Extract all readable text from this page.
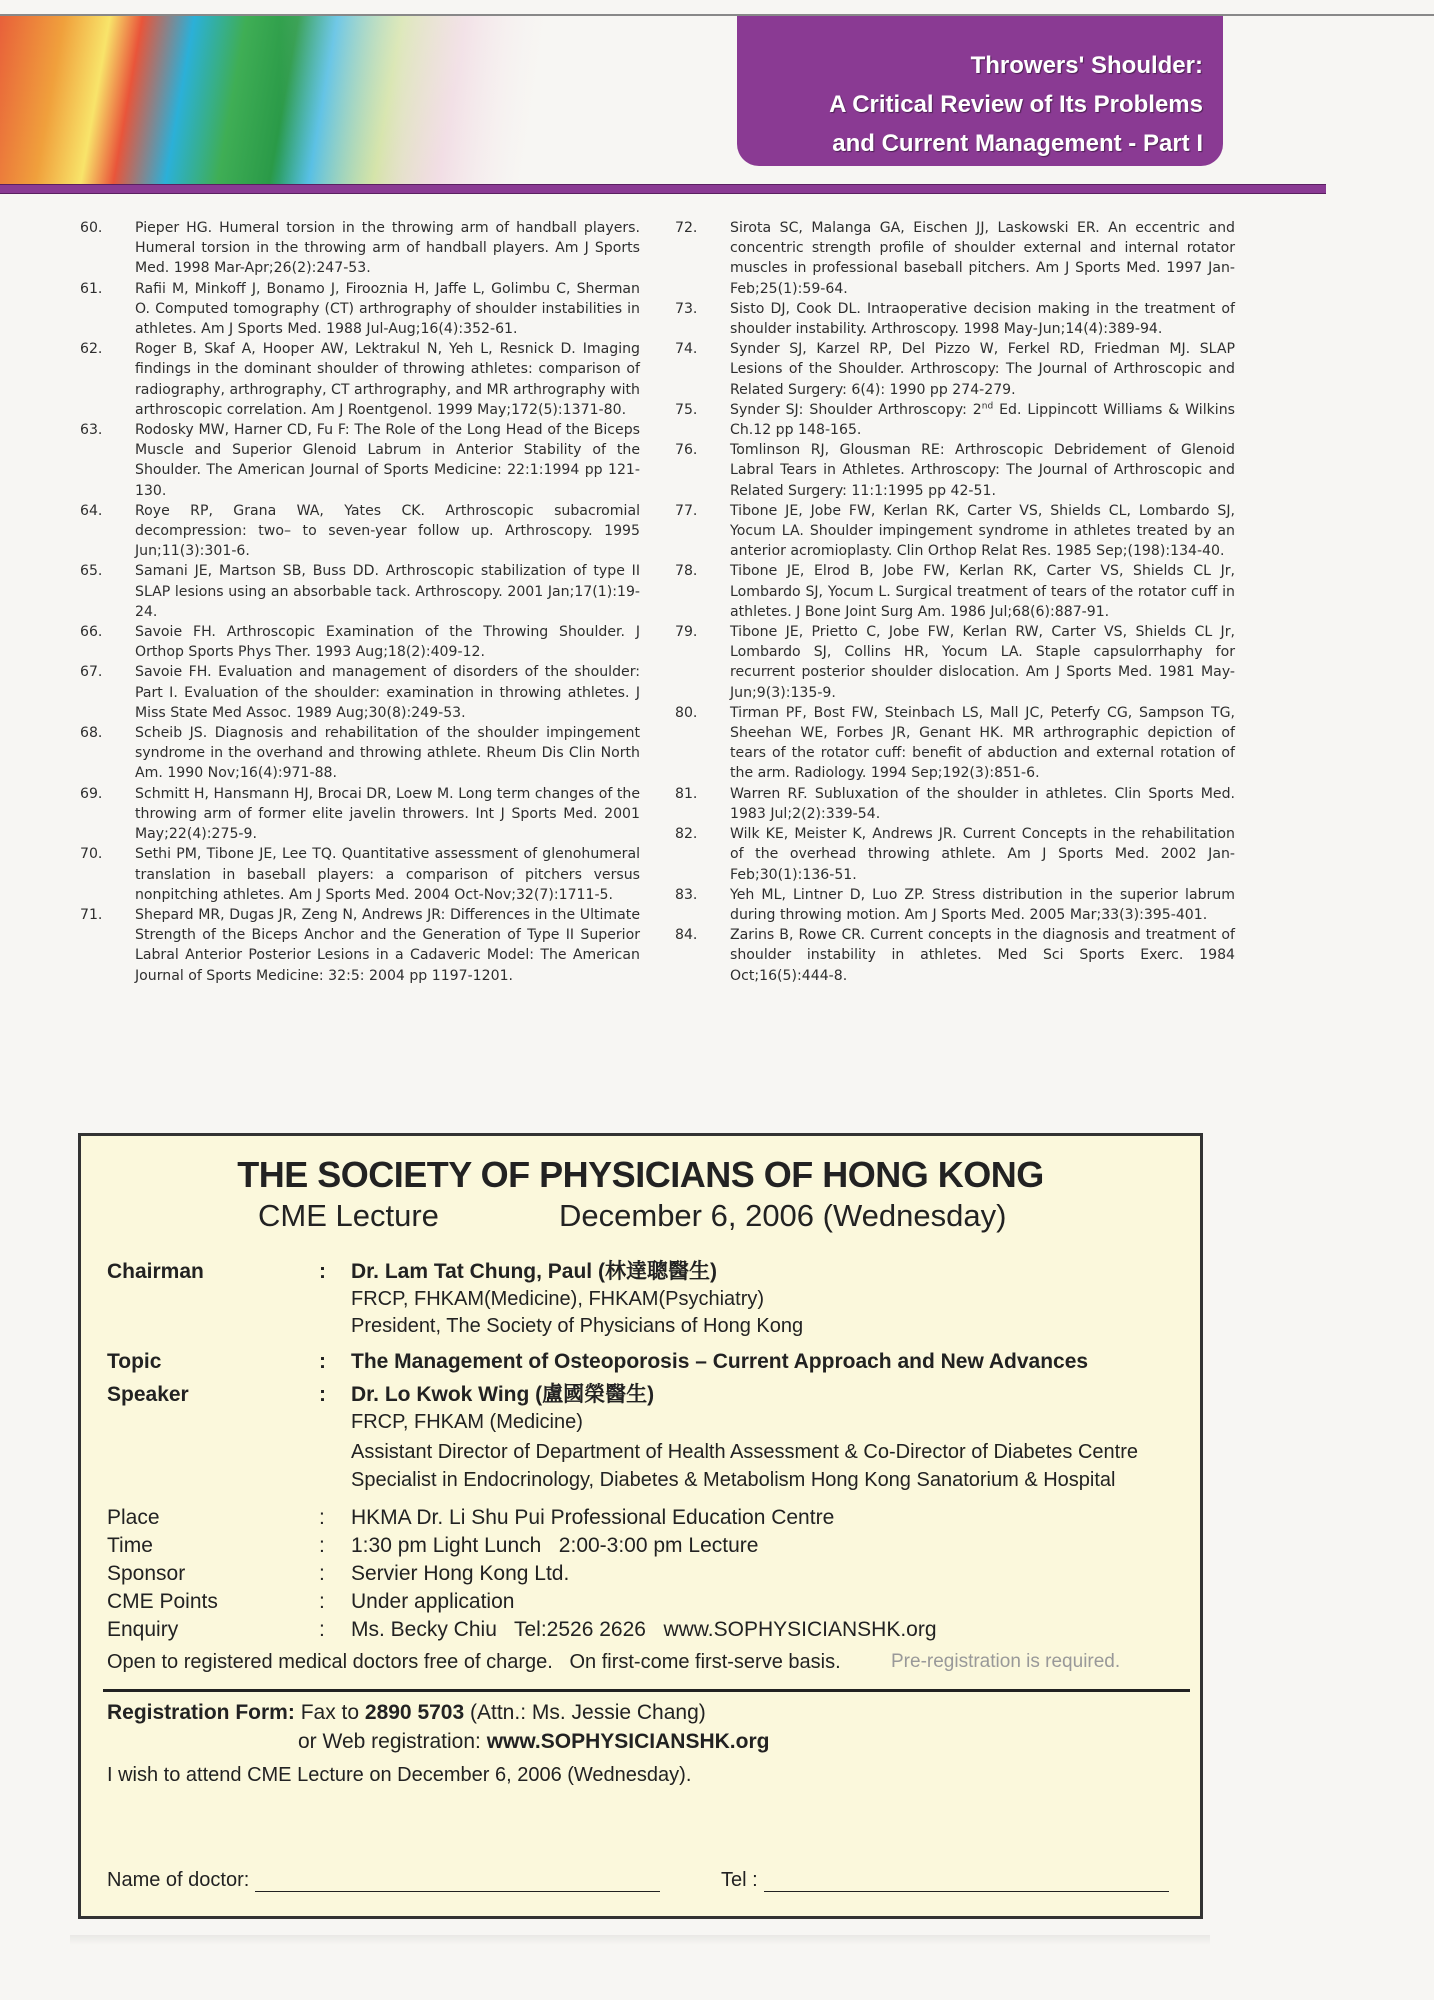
Throwers' Shoulder:
A Critical Review of Its Problems
and Current Management - Part I
60.	Pieper HG. Humeral torsion in the throwing arm of handball players. Humeral torsion in the throwing arm of handball players. Am J Sports Med. 1998 Mar-Apr;26(2):247-53.
61.	Rafii M, Minkoff J, Bonamo J, Firooznia H, Jaffe L, Golimbu C, Sherman O. Computed tomography (CT) arthrography of shoulder instabilities in athletes. Am J Sports Med. 1988 Jul-Aug;16(4):352-61.
62.	Roger B, Skaf A, Hooper AW, Lektrakul N, Yeh L, Resnick D. Imaging findings in the dominant shoulder of throwing athletes: comparison of radiography, arthrography, CT arthrography, and MR arthrography with arthroscopic correlation. Am J Roentgenol. 1999 May;172(5):1371-80.
63.	Rodosky MW, Harner CD, Fu F: The Role of the Long Head of the Biceps Muscle and Superior Glenoid Labrum in Anterior Stability of the Shoulder. The American Journal of Sports Medicine: 22:1:1994 pp 121-130.
64.	Roye RP, Grana WA, Yates CK. Arthroscopic subacromial decompression: two– to seven-year follow up. Arthroscopy. 1995 Jun;11(3):301-6.
65.	Samani JE, Martson SB, Buss DD. Arthroscopic stabilization of type II SLAP lesions using an absorbable tack. Arthroscopy. 2001 Jan;17(1):19-24.
66.	Savoie FH. Arthroscopic Examination of the Throwing Shoulder. J Orthop Sports Phys Ther. 1993 Aug;18(2):409-12.
67.	Savoie FH. Evaluation and management of disorders of the shoulder: Part I. Evaluation of the shoulder: examination in throwing athletes. J Miss State Med Assoc. 1989 Aug;30(8):249-53.
68.	Scheib JS. Diagnosis and rehabilitation of the shoulder impingement syndrome in the overhand and throwing athlete. Rheum Dis Clin North Am. 1990 Nov;16(4):971-88.
69.	Schmitt H, Hansmann HJ, Brocai DR, Loew M. Long term changes of the throwing arm of former elite javelin throwers. Int J Sports Med. 2001 May;22(4):275-9.
70.	Sethi PM, Tibone JE, Lee TQ. Quantitative assessment of glenohumeral translation in baseball players: a comparison of pitchers versus nonpitching athletes. Am J Sports Med. 2004 Oct-Nov;32(7):1711-5.
71.	Shepard MR, Dugas JR, Zeng N, Andrews JR: Differences in the Ultimate Strength of the Biceps Anchor and the Generation of Type II Superior Labral Anterior Posterior Lesions in a Cadaveric Model: The American Journal of Sports Medicine: 32:5: 2004 pp 1197-1201.
72.	Sirota SC, Malanga GA, Eischen JJ, Laskowski ER. An eccentric and concentric strength profile of shoulder external and internal rotator muscles in professional baseball pitchers. Am J Sports Med. 1997 Jan-Feb;25(1):59-64.
73.	Sisto DJ, Cook DL. Intraoperative decision making in the treatment of shoulder instability. Arthroscopy. 1998 May-Jun;14(4):389-94.
74.	Synder SJ, Karzel RP, Del Pizzo W, Ferkel RD, Friedman MJ. SLAP Lesions of the Shoulder. Arthroscopy: The Journal of Arthroscopic and Related Surgery: 6(4): 1990 pp 274-279.
75.	Synder SJ: Shoulder Arthroscopy: 2nd Ed. Lippincott Williams & Wilkins Ch.12 pp 148-165.
76.	Tomlinson RJ, Glousman RE: Arthroscopic Debridement of Glenoid Labral Tears in Athletes. Arthroscopy: The Journal of Arthroscopic and Related Surgery: 11:1:1995 pp 42-51.
77.	Tibone JE, Jobe FW, Kerlan RK, Carter VS, Shields CL, Lombardo SJ, Yocum LA. Shoulder impingement syndrome in athletes treated by an anterior acromioplasty. Clin Orthop Relat Res. 1985 Sep;(198):134-40.
78.	Tibone JE, Elrod B, Jobe FW, Kerlan RK, Carter VS, Shields CL Jr, Lombardo SJ, Yocum L. Surgical treatment of tears of the rotator cuff in athletes. J Bone Joint Surg Am. 1986 Jul;68(6):887-91.
79.	Tibone JE, Prietto C, Jobe FW, Kerlan RW, Carter VS, Shields CL Jr, Lombardo SJ, Collins HR, Yocum LA. Staple capsulorrhaphy for recurrent posterior shoulder dislocation. Am J Sports Med. 1981 May-Jun;9(3):135-9.
80.	Tirman PF, Bost FW, Steinbach LS, Mall JC, Peterfy CG, Sampson TG, Sheehan WE, Forbes JR, Genant HK. MR arthrographic depiction of tears of the rotator cuff: benefit of abduction and external rotation of the arm. Radiology. 1994 Sep;192(3):851-6.
81.	Warren RF. Subluxation of the shoulder in athletes. Clin Sports Med. 1983 Jul;2(2):339-54.
82.	Wilk KE, Meister K, Andrews JR. Current Concepts in the rehabilitation of the overhead throwing athlete. Am J Sports Med. 2002 Jan-Feb;30(1):136-51.
83.	Yeh ML, Lintner D, Luo ZP. Stress distribution in the superior labrum during throwing motion. Am J Sports Med. 2005 Mar;33(3):395-401.
84.	Zarins B, Rowe CR. Current concepts in the diagnosis and treatment of shoulder instability in athletes. Med Sci Sports Exerc. 1984 Oct;16(5):444-8.
THE SOCIETY OF PHYSICIANS OF HONG KONG
CME Lecture	December 6, 2006 (Wednesday)
Chairman	: Dr. Lam Tat Chung, Paul (林達聰醫生)
FRCP, FHKAM(Medicine), FHKAM(Psychiatry)
President, The Society of Physicians of Hong Kong
Topic	: The Management of Osteoporosis – Current Approach and New Advances
Speaker	: Dr. Lo Kwok Wing (盧國榮醫生)
FRCP, FHKAM (Medicine)
Assistant Director of Department of Health Assessment & Co-Director of Diabetes Centre
Specialist in Endocrinology, Diabetes & Metabolism Hong Kong Sanatorium & Hospital
Place	: HKMA Dr. Li Shu Pui Professional Education Centre
Time	: 1:30 pm Light Lunch   2:00-3:00 pm Lecture
Sponsor	: Servier Hong Kong Ltd.
CME Points	: Under application
Enquiry	: Ms. Becky Chiu   Tel:2526 2626   www.SOPHYSICIANSHK.org
Open to registered medical doctors free of charge.   On first-come first-serve basis.	Pre-registration is required.
Registration Form: Fax to 2890 5703 (Attn.: Ms. Jessie Chang)
or Web registration: www.SOPHYSICIANSHK.org
I wish to attend CME Lecture on December 6, 2006 (Wednesday).
Name of doctor:	Tel :
